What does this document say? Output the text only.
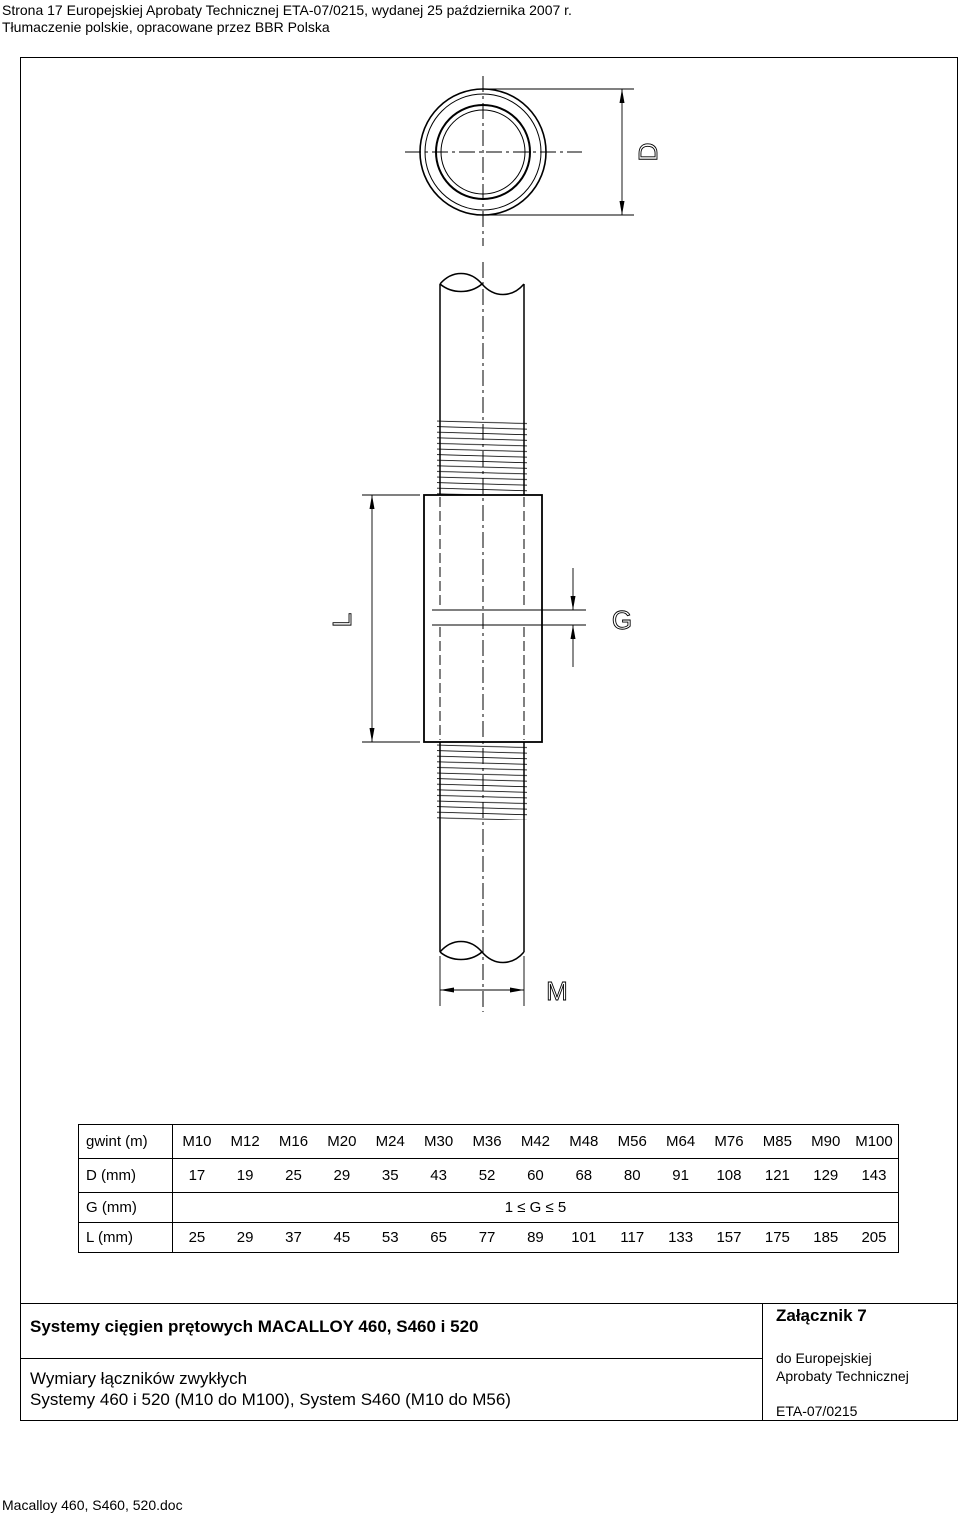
Strona 17 Europejskiej Aprobaty Technicznej ETA-07/0215, wydanej 25 października 2007 r.
Tłumaczenie polskie, opracowane przez BBR Polska
D
L	G
M
gwint (m)	M10	M12	M16	M20	M24	M30	M36	M42	M48	M56	M64	M76	M85	M90	M100
D (mm)	17	19	25	29	35	43	52	60	68	80	91	108	121	129	143
G (mm)	1 ≤ G ≤ 5														
L (mm)	25	29	37	45	53	65	77	89	101	117	133	157	175	185	205
Systemy cięgien prętowych MACALLOY 460, S460 i 520
Wymiary łączników zwykłych
Systemy 460 i 520 (M10 do M100), System S460 (M10 do M56)
Załącznik 7
do Europejskiej
Aprobaty Technicznej
ETA-07/0215
Macalloy 460, S460, 520.doc
